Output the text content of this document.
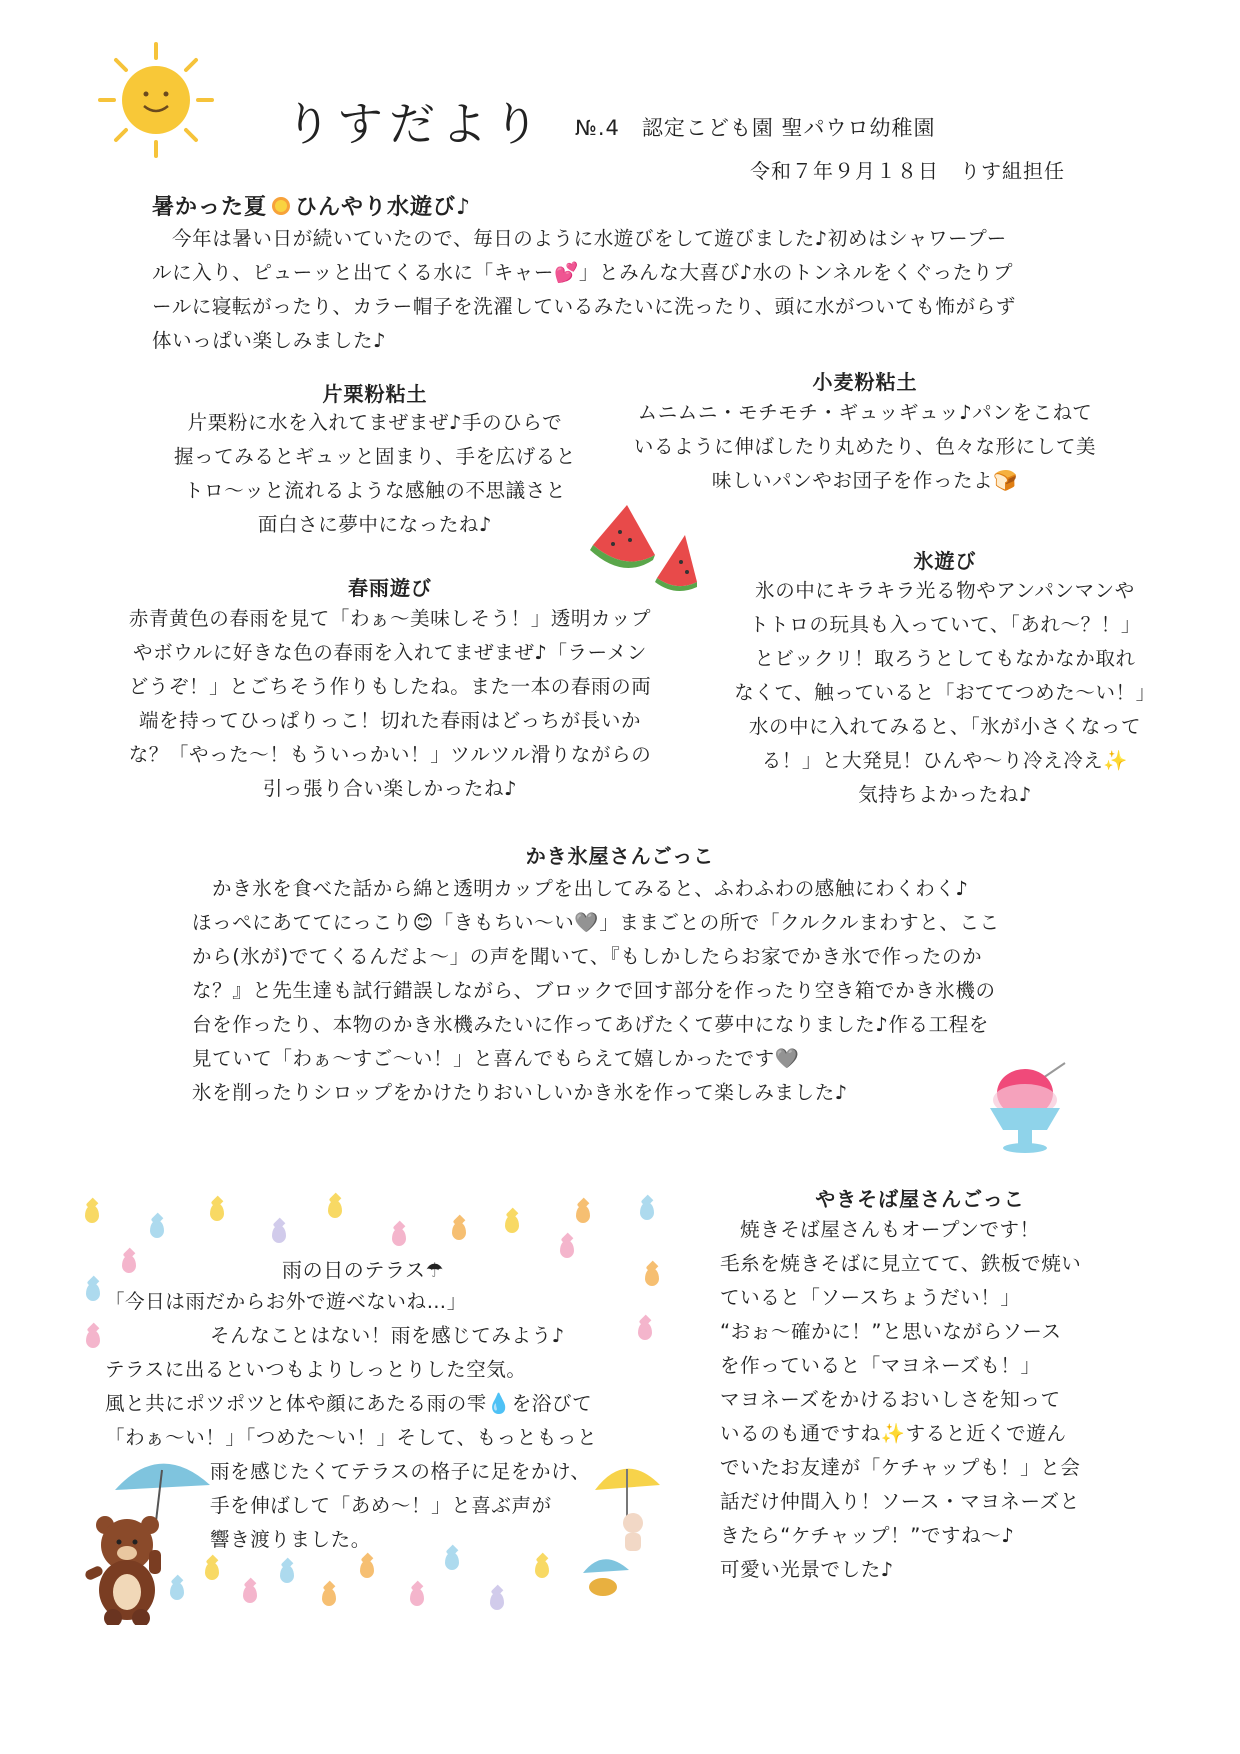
りすだより №.4　認定こども園 聖パウロ幼稚園
令和７年９月１８日　りす組担任
暑かった夏 ひんやり水遊び♪
今年は暑い日が続いていたので、毎日のように水遊びをして遊びました♪初めはシャワープー
ルに入り、ピューッと出てくる水に「キャー💕」とみんな大喜び♪水のトンネルをくぐったりプ
ールに寝転がったり、カラー帽子を洗濯しているみたいに洗ったり、頭に水がついても怖がらず
体いっぱい楽しみました♪
片栗粉粘土
片栗粉に水を入れてまぜまぜ♪手のひらで
握ってみるとギュッと固まり、手を広げると
トロ～ッと流れるような感触の不思議さと
面白さに夢中になったね♪
小麦粉粘土
ムニムニ・モチモチ・ギュッギュッ♪パンをこねて
いるように伸ばしたり丸めたり、色々な形にして美
味しいパンやお団子を作ったよ🍞
春雨遊び
赤青黄色の春雨を見て「わぁ～美味しそう！」透明カップ
やボウルに好きな色の春雨を入れてまぜまぜ♪「ラーメン
どうぞ！」とごちそう作りもしたね。また一本の春雨の両
端を持ってひっぱりっこ！切れた春雨はどっちが長いか
な？「やった～！もういっかい！」ツルツル滑りながらの
引っ張り合い楽しかったね♪
氷遊び
氷の中にキラキラ光る物やアンパンマンや
トトロの玩具も入っていて、「あれ～？！」
とビックリ！取ろうとしてもなかなか取れ
なくて、触っていると「おててつめた～い！」
水の中に入れてみると、「氷が小さくなって
る！」と大発見！ひんや～り冷え冷え✨
気持ちよかったね♪
かき氷屋さんごっこ
かき氷を食べた話から綿と透明カップを出してみると、ふわふわの感触にわくわく♪
ほっぺにあててにっこり😊「きもちい～い🩶」ままごとの所で「クルクルまわすと、ここ
から(氷が)でてくるんだよ～」の声を聞いて、『もしかしたらお家でかき氷で作ったのか
な？』と先生達も試行錯誤しながら、ブロックで回す部分を作ったり空き箱でかき氷機の
台を作ったり、本物のかき氷機みたいに作ってあげたくて夢中になりました♪作る工程を
見ていて「わぁ～すご～い！」と喜んでもらえて嬉しかったです🩶
氷を削ったりシロップをかけたりおいしいかき氷を作って楽しみました♪
雨の日のテラス☂
「今日は雨だからお外で遊べないね…」
そんなことはない！雨を感じてみよう♪
テラスに出るといつもよりしっとりした空気。
風と共にポツポツと体や顔にあたる雨の雫💧を浴びて
「わぁ～い！」「つめた～い！」そして、もっともっと
雨を感じたくてテラスの格子に足をかけ、
手を伸ばして「あめ～！」と喜ぶ声が
響き渡りました。
やきそば屋さんごっこ
焼きそば屋さんもオープンです！
毛糸を焼きそばに見立てて、鉄板で焼い
ていると「ソースちょうだい！」
“おぉ～確かに！”と思いながらソース
を作っていると「マヨネーズも！」
マヨネーズをかけるおいしさを知って
いるのも通ですね✨すると近くで遊ん
でいたお友達が「ケチャップも！」と会
話だけ仲間入り！ソース・マヨネーズと
きたら“ケチャップ！”ですね～♪
可愛い光景でした♪
